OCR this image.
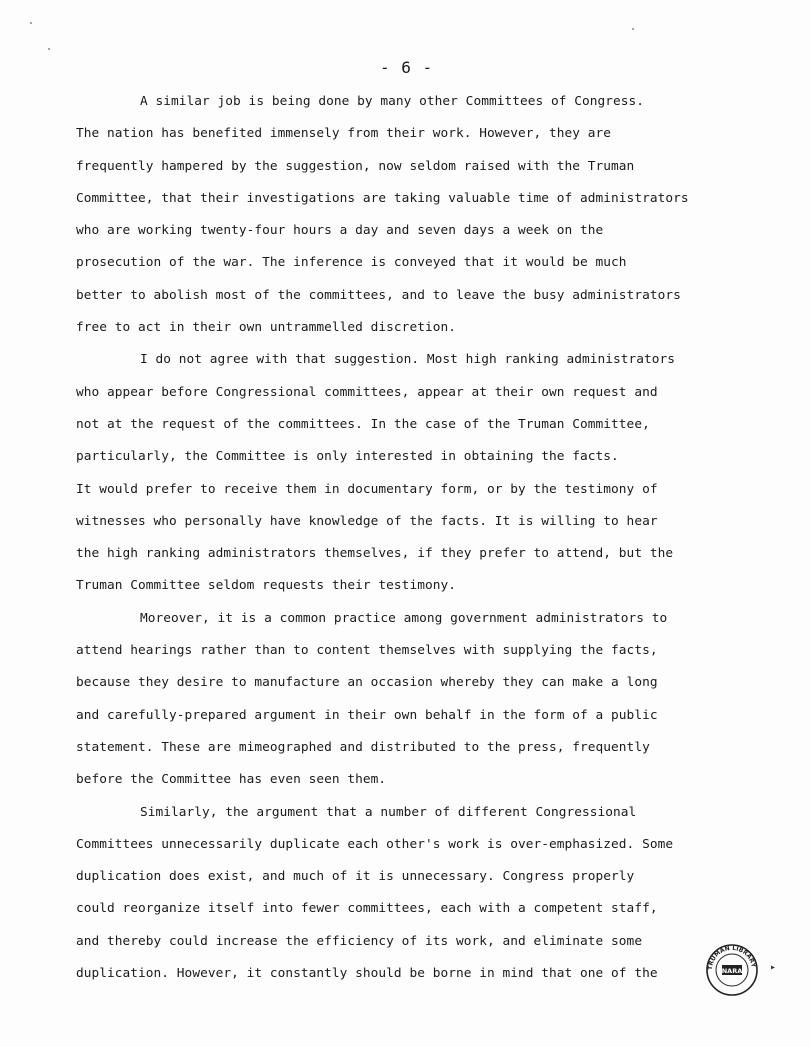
- 6 -
A similar job is being done by many other Committees of Congress.
The nation has benefited immensely from their work. However, they are
frequently hampered by the suggestion, now seldom raised with the Truman
Committee, that their investigations are taking valuable time of administrators
who are working twenty-four hours a day and seven days a week on the
prosecution of the war. The inference is conveyed that it would be much
better to abolish most of the committees, and to leave the busy administrators
free to act in their own untrammelled discretion.
I do not agree with that suggestion. Most high ranking administrators
who appear before Congressional committees, appear at their own request and
not at the request of the committees. In the case of the Truman Committee,
particularly, the Committee is only interested in obtaining the facts.
It would prefer to receive them in documentary form, or by the testimony of
witnesses who personally have knowledge of the facts. It is willing to hear
the high ranking administrators themselves, if they prefer to attend, but the
Truman Committee seldom requests their testimony.
Moreover, it is a common practice among government administrators to
attend hearings rather than to content themselves with supplying the facts,
because they desire to manufacture an occasion whereby they can make a long
and carefully-prepared argument in their own behalf in the form of a public
statement. These are mimeographed and distributed to the press, frequently
before the Committee has even seen them.
Similarly, the argument that a number of different Congressional
Committees unnecessarily duplicate each other's work is over-emphasized. Some
duplication does exist, and much of it is unnecessary. Congress properly
could reorganize itself into fewer committees, each with a competent staff,
and thereby could increase the efficiency of its work, and eliminate some
duplication. However, it constantly should be borne in mind that one of the	TRUMAN LIBRARY
NARA	▸
